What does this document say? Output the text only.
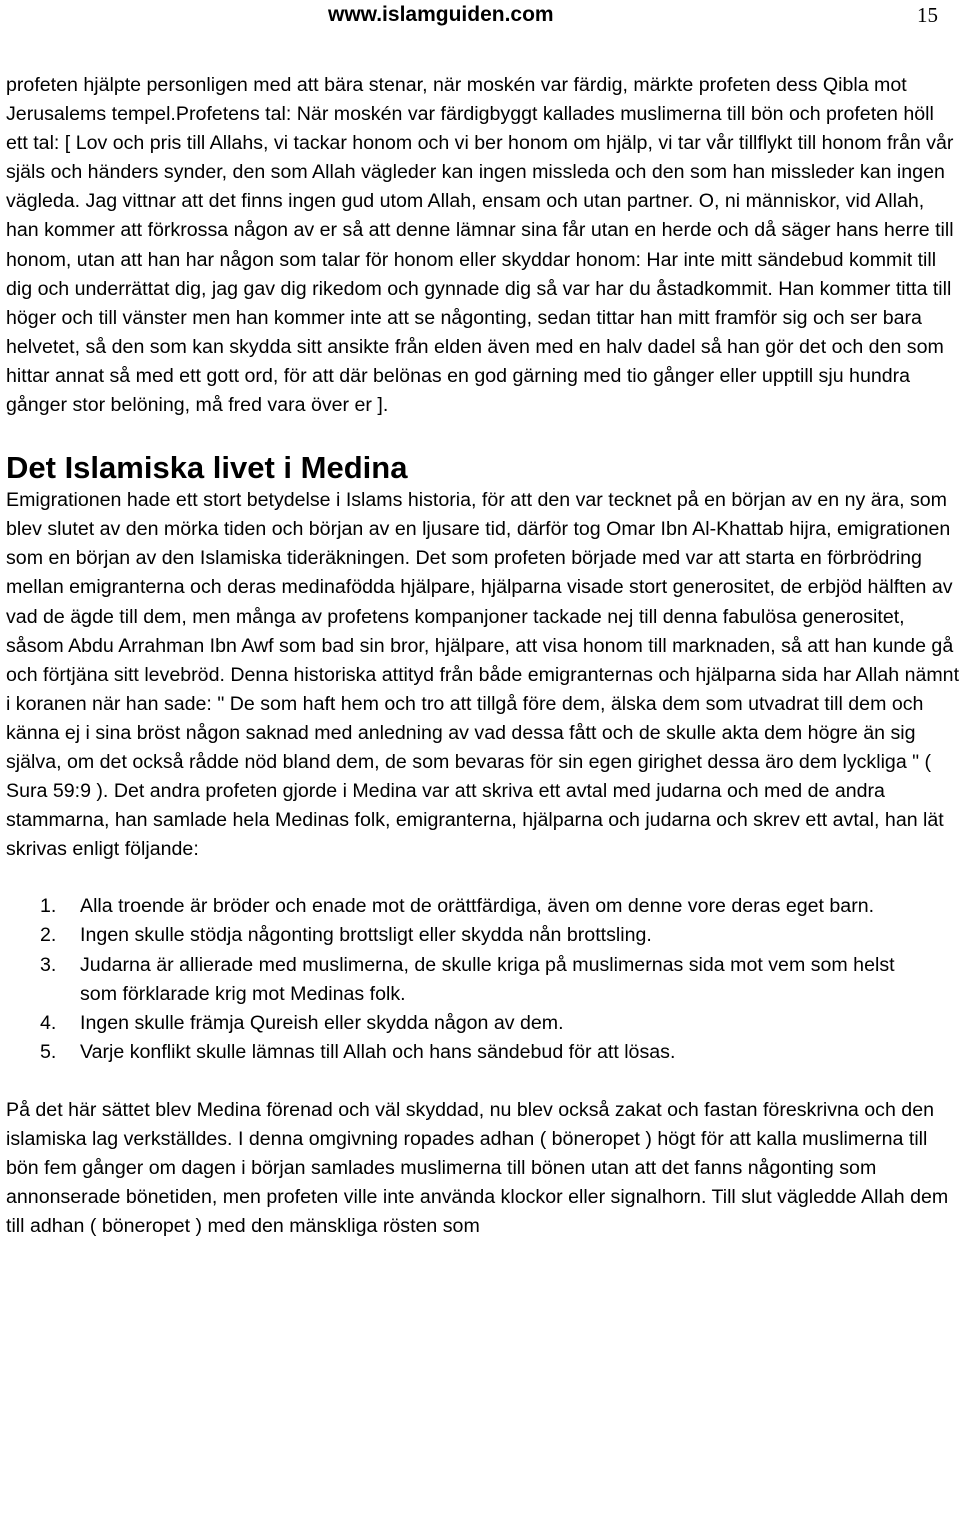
www.islamguiden.com	15

profeten hjälpte personligen med att bära stenar, när moskén var färdig, märkte profeten dess Qibla mot Jerusalems tempel.Profetens tal: När moskén var färdigbyggt kallades muslimerna till bön och profeten höll ett tal: [ Lov och pris till Allahs, vi tackar honom och vi ber honom om hjälp, vi tar vår tillflykt till honom från vår själs och händers synder, den som Allah vägleder kan ingen missleda och den som han missleder kan ingen vägleda. Jag vittnar att det finns ingen gud utom Allah, ensam och utan partner. O, ni människor, vid Allah, han kommer att förkrossa någon av er så att denne lämnar sina får utan en herde och då säger hans herre till honom, utan att han har någon som talar för honom eller skyddar honom: Har inte mitt sändebud kommit till dig och underrättat dig, jag gav dig rikedom och gynnade dig så var har du åstadkommit. Han kommer titta till höger och till vänster men han kommer inte att se någonting, sedan tittar han mitt framför sig och ser bara helvetet, så den som kan skydda sitt ansikte från elden även med en halv dadel så han gör det och den som hittar annat så med ett gott ord, för att där belönas en god gärning med tio gånger eller upptill sju hundra gånger stor belöning, må fred vara över er ].

Det Islamiska livet i Medina

Emigrationen hade ett stort betydelse i Islams historia, för att den var tecknet på en början av en ny ära, som blev slutet av den mörka tiden och början av en ljusare tid, därför tog Omar Ibn Al-Khattab hijra, emigrationen som en början av den Islamiska tideräkningen. Det som profeten började med var att starta en förbrödring mellan emigranterna och deras medinafödda hjälpare, hjälparna visade stort generositet, de erbjöd hälften av vad de ägde till dem, men många av profetens kompanjoner tackade nej till denna fabulösa generositet, såsom Abdu Arrahman Ibn Awf som bad sin bror, hjälpare, att visa honom till marknaden, så att han kunde gå och förtjäna sitt levebröd. Denna historiska attityd från både emigranternas och hjälparna sida har Allah nämnt i koranen när han sade: " De som haft hem och tro att tillgå före dem, älska dem som utvadrat till dem och känna ej i sina bröst någon saknad med anledning av vad dessa fått och de skulle akta dem högre än sig själva, om det också rådde nöd bland dem, de som bevaras för sin egen girighet dessa äro dem lyckliga " ( Sura 59:9 ). Det andra profeten gjorde i Medina var att skriva ett avtal med judarna och med de andra stammarna, han samlade hela Medinas folk, emigranterna, hjälparna och judarna och skrev ett avtal, han lät skrivas enligt följande:

1. Alla troende är bröder och enade mot de orättfärdiga, även om denne vore deras eget barn.
2. Ingen skulle stödja någonting brottsligt eller skydda nån brottsling.
3. Judarna är allierade med muslimerna, de skulle kriga på muslimernas sida mot vem som helst som förklarade krig mot Medinas folk.
4. Ingen skulle främja Qureish eller skydda någon av dem.
5. Varje konflikt skulle lämnas till Allah och hans sändebud för att lösas.

På det här sättet blev Medina förenad och väl skyddad, nu blev också zakat och fastan föreskrivna och den islamiska lag verkställdes. I denna omgivning ropades adhan ( böneropet ) högt för att kalla muslimerna till bön fem gånger om dagen i början samlades muslimerna till bönen utan att det fanns någonting som annonserade bönetiden, men profeten ville inte använda klockor eller signalhorn. Till slut vägledde Allah dem till adhan ( böneropet ) med den mänskliga rösten som
